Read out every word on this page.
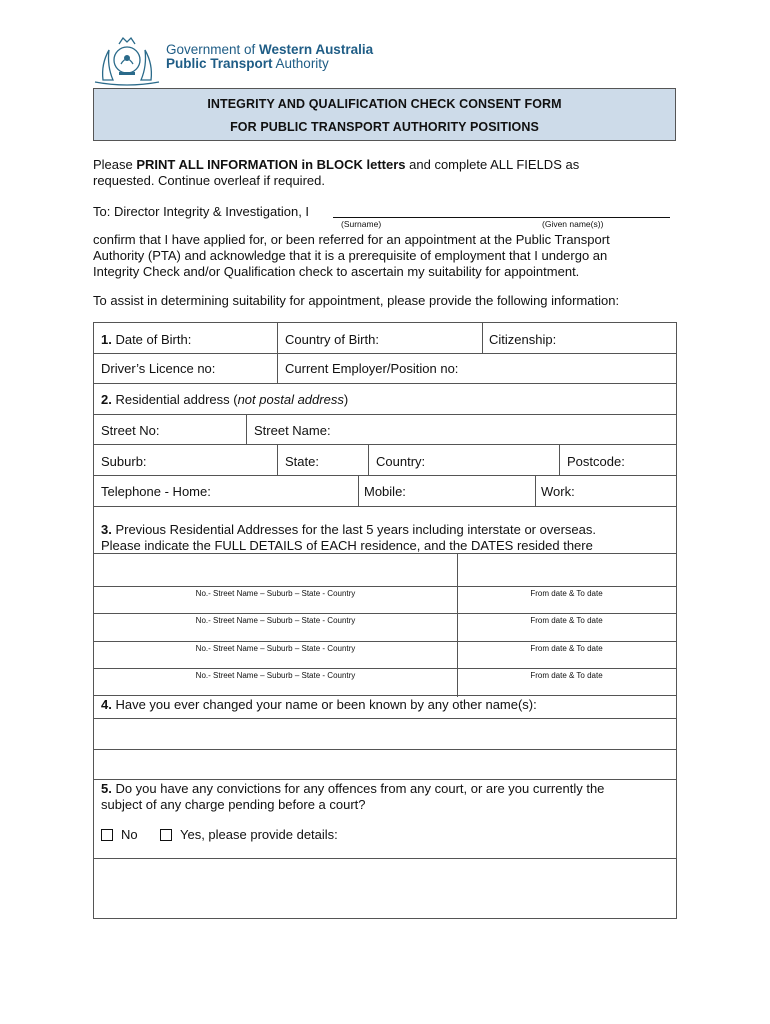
Government of Western Australia
Public Transport Authority
INTEGRITY AND QUALIFICATION CHECK CONSENT FORM
FOR PUBLIC TRANSPORT AUTHORITY POSITIONS
Please PRINT ALL INFORMATION in BLOCK letters and complete ALL FIELDS as
requested. Continue overleaf if required.
To: Director Integrity & Investigation, I
(Surname)	(Given name(s))
confirm that I have applied for, or been referred for an appointment at the Public Transport
Authority (PTA) and acknowledge that it is a prerequisite of employment that I undergo an
Integrity Check and/or Qualification check to ascertain my suitability for appointment.
To assist in determining suitability for appointment, please provide the following information:
1. Date of Birth:	Country of Birth:	Citizenship:
Driver’s Licence no:	Current Employer/Position no:
2. Residential address (not postal address)
Street No:	Street Name:
Suburb:	State:	Country:	Postcode:
Telephone - Home:	Mobile:	Work:
3. Previous Residential Addresses for the last 5 years including interstate or overseas.
Please indicate the FULL DETAILS of EACH residence, and the DATES resided there
No.- Street Name – Suburb – State - Country	From date & To date
No.- Street Name – Suburb – State - Country	From date & To date
No.- Street Name – Suburb – State - Country	From date & To date
No.- Street Name – Suburb – State - Country	From date & To date
4. Have you ever changed your name or been known by any other name(s):
5. Do you have any convictions for any offences from any court, or are you currently the
subject of any charge pending before a court?
No	Yes, please provide details:
